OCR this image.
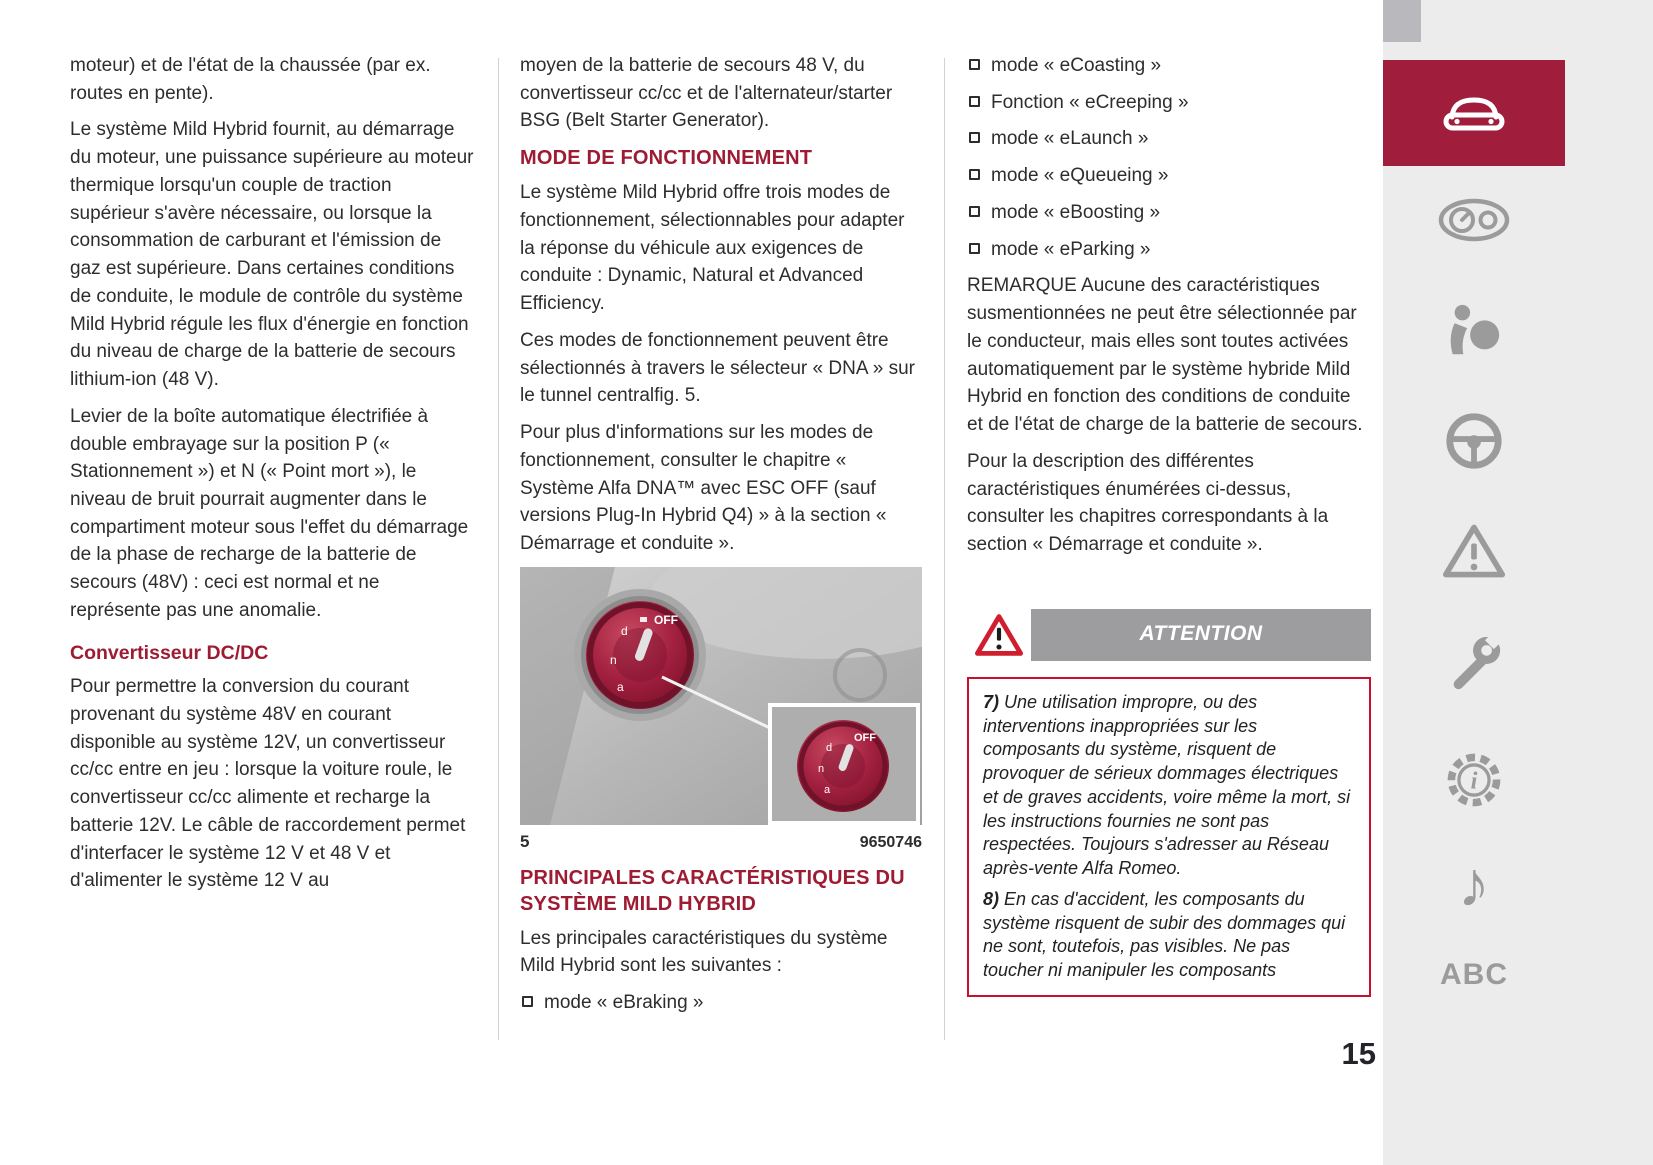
moteur) et de l'état de la chaussée (par ex. routes en pente).

Le système Mild Hybrid fournit, au démarrage du moteur, une puissance supérieure au moteur thermique lorsqu'un couple de traction supérieur s'avère nécessaire, ou lorsque la consommation de carburant et l'émission de gaz est supérieure. Dans certaines conditions de conduite, le module de contrôle du système Mild Hybrid régule les flux d'énergie en fonction du niveau de charge de la batterie de secours lithium-ion (48 V).

Levier de la boîte automatique électrifiée à double embrayage sur la position P (« Stationnement ») et N (« Point mort »), le niveau de bruit pourrait augmenter dans le compartiment moteur sous l'effet du démarrage de la phase de recharge de la batterie de secours (48V) : ceci est normal et ne représente pas une anomalie.

Convertisseur DC/DC

Pour permettre la conversion du courant provenant du système 48V en courant disponible au système 12V, un convertisseur cc/cc entre en jeu : lorsque la voiture roule, le convertisseur cc/cc alimente et recharge la batterie 12V. Le câble de raccordement permet d'interfacer le système 12 V et 48 V et d'alimenter le système 12 V au

moyen de la batterie de secours 48 V, du convertisseur cc/cc et de l'alternateur/starter BSG (Belt Starter Generator).

MODE DE FONCTIONNEMENT

Le système Mild Hybrid offre trois modes de fonctionnement, sélectionnables pour adapter la réponse du véhicule aux exigences de conduite : Dynamic, Natural et Advanced Efficiency.

Ces modes de fonctionnement peuvent être sélectionnés à travers le sélecteur « DNA » sur le tunnel centralfig. 5.

Pour plus d'informations sur les modes de fonctionnement, consulter le chapitre « Système Alfa DNA™ avec ESC OFF (sauf versions Plug-In Hybrid Q4) » à la section « Démarrage et conduite ».

OFF
d
n
a
OFF
d
n
a
5	9650746
PRINCIPALES CARACTÉRISTIQUES DU SYSTÈME MILD HYBRID

Les principales caractéristiques du système Mild Hybrid sont les suivantes :

mode « eBraking »
mode « eCoasting »
Fonction « eCreeping »
mode « eLaunch »
mode « eQueueing »
mode « eBoosting »
mode « eParking »

REMARQUE Aucune des caractéristiques susmentionnées ne peut être sélectionnée par le conducteur, mais elles sont toutes activées automatiquement par le système hybride Mild Hybrid en fonction des conditions de conduite et de l'état de charge de la batterie de secours.

Pour la description des différentes caractéristiques énumérées ci-dessus, consulter les chapitres correspondants à la section « Démarrage et conduite ».

ATTENTION

7) Une utilisation impropre, ou des interventions inappropriées sur les composants du système, risquent de provoquer de sérieux dommages électriques et de graves accidents, voire même la mort, si les instructions fournies ne sont pas respectées. Toujours s'adresser au Réseau après-vente Alfa Romeo.

8) En cas d'accident, les composants du système risquent de subir des dommages qui ne sont, toutefois, pas visibles. Ne pas toucher ni manipuler les composants

15
i
♪
ABC
